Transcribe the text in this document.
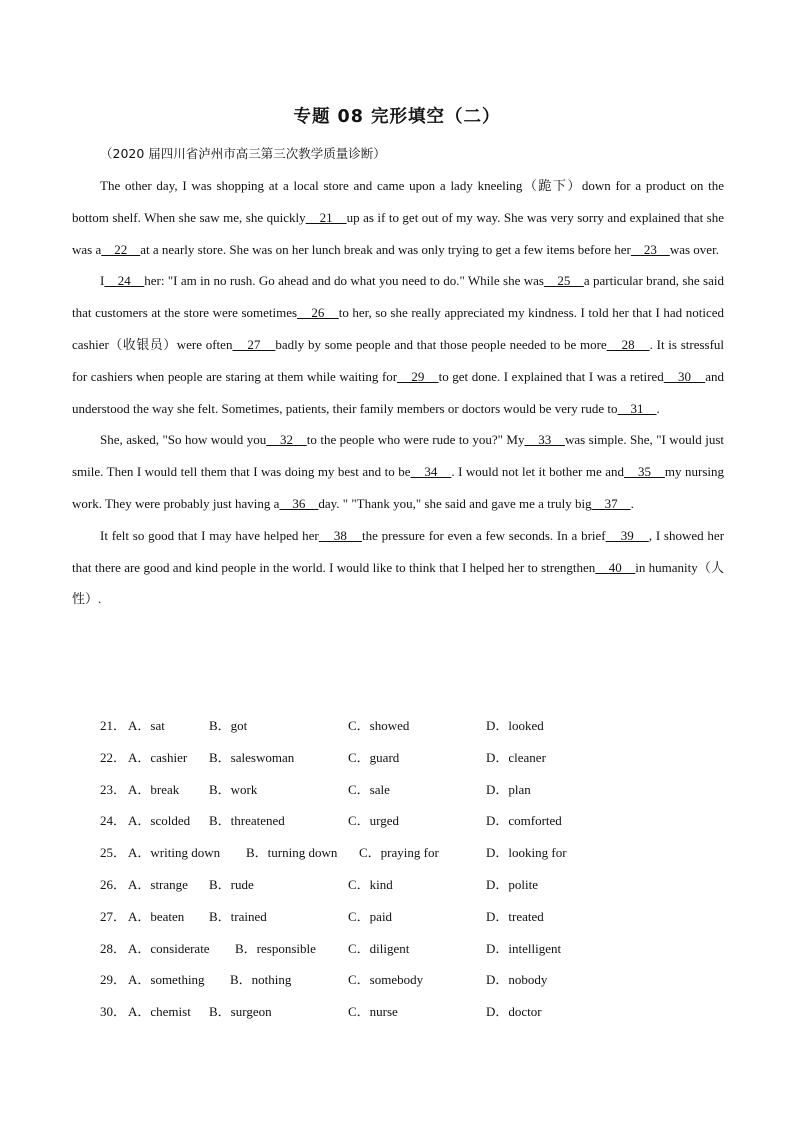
专题 08 完形填空（二）
（2020 届四川省泸州市高三第三次教学质量诊断）

The other day, I was shopping at a local store and came upon a lady kneeling（跪下）down for a product on the bottom shelf. When she saw me, she quickly    21    up as if to get out of my way. She was very sorry and explained that she was a    22    at a nearly store. She was on her lunch break and was only trying to get a few items before her    23    was over.

I    24    her: "I am in no rush. Go ahead and do what you need to do." While she was    25    a particular brand, she said that customers at the store were sometimes    26    to her, so she really appreciated my kindness. I told her that I had noticed cashier（收银员）were often    27    badly by some people and that those people needed to be more    28    . It is stressful for cashiers when people are staring at them while waiting for    29    to get done. I explained that I was a retired    30    and understood the way she felt. Sometimes, patients, their family members or doctors would be very rude to    31    .

She, asked, "So how would you    32    to the people who were rude to you?" My    33    was simple. She, "I would just smile. Then I would tell them that I was doing my best and to be    34    . I would not let it bother me and    35    my nursing work. They were probably just having a    36    day. " "Thank you," she said and gave me a truly big    37    .

It felt so good that I may have helped her    38    the pressure for even a few seconds. In a brief    39    , I showed her that there are good and kind people in the world. I would like to think that I helped her to strengthen 40    in humanity（人性）.

21． A．sat	B．got	C．showed	D．looked
22． A．cashier B．saleswoman	C．guard	D．cleaner
23． A．break B．work	C．sale	D．plan
24． A．scolded B．threatened	C．urged	D．comforted
25． A．writing down B．turning down C．praying for	D．looking for
26． A．strange B．rude	C．kind	D．polite
27． A．beaten B．trained	C．paid	D．treated
28． A．considerate B．responsible C．diligent	D．intelligent
29． A．something B．nothing	C．somebody	D．nobody
30． A．chemist B．surgeon	C．nurse	D．doctor
